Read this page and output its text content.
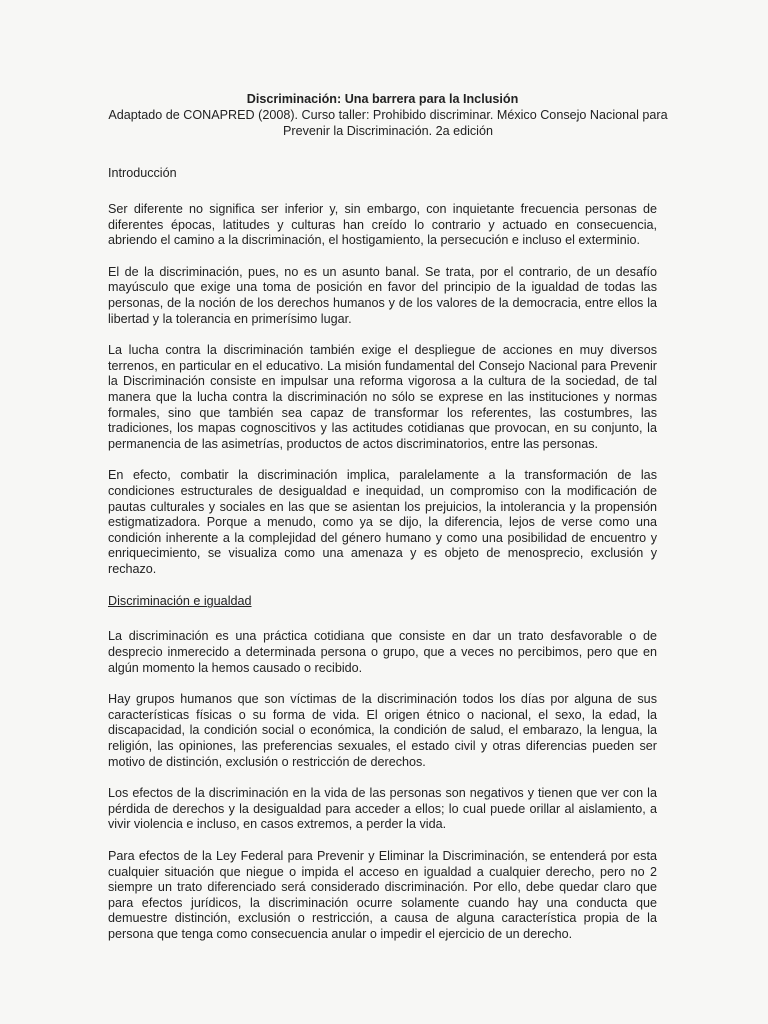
Discriminación: Una barrera para la Inclusión
Adaptado de CONAPRED (2008). Curso taller: Prohibido discriminar. México Consejo Nacional para Prevenir la Discriminación. 2a edición

Introducción

Ser diferente no significa ser inferior y, sin embargo, con inquietante frecuencia personas de diferentes épocas, latitudes y culturas han creído lo contrario y actuado en consecuencia, abriendo el camino a la discriminación, el hostigamiento, la persecución e incluso el exterminio.

El de la discriminación, pues, no es un asunto banal. Se trata, por el contrario, de un desafío mayúsculo que exige una toma de posición en favor del principio de la igualdad de todas las personas, de la noción de los derechos humanos y de los valores de la democracia, entre ellos la libertad y la tolerancia en primerísimo lugar.

La lucha contra la discriminación también exige el despliegue de acciones en muy diversos terrenos, en particular en el educativo. La misión fundamental del Consejo Nacional para Prevenir la Discriminación consiste en impulsar una reforma vigorosa a la cultura de la sociedad, de tal manera que la lucha contra la discriminación no sólo se exprese en las instituciones y normas formales, sino que también sea capaz de transformar los referentes, las costumbres, las tradiciones, los mapas cognoscitivos y las actitudes cotidianas que provocan, en su conjunto, la permanencia de las asimetrías, productos de actos discriminatorios, entre las personas.

En efecto, combatir la discriminación implica, paralelamente a la transformación de las condiciones estructurales de desigualdad e inequidad, un compromiso con la modificación de pautas culturales y sociales en las que se asientan los prejuicios, la intolerancia y la propensión estigmatizadora. Porque a menudo, como ya se dijo, la diferencia, lejos de verse como una condición inherente a la complejidad del género humano y como una posibilidad de encuentro y enriquecimiento, se visualiza como una amenaza y es objeto de menosprecio, exclusión y rechazo.

Discriminación e igualdad

La discriminación es una práctica cotidiana que consiste en dar un trato desfavorable o de desprecio inmerecido a determinada persona o grupo, que a veces no percibimos, pero que en algún momento la hemos causado o recibido.

Hay grupos humanos que son víctimas de la discriminación todos los días por alguna de sus características físicas o su forma de vida. El origen étnico o nacional, el sexo, la edad, la discapacidad, la condición social o económica, la condición de salud, el embarazo, la lengua, la religión, las opiniones, las preferencias sexuales, el estado civil y otras diferencias pueden ser motivo de distinción, exclusión o restricción de derechos.

Los efectos de la discriminación en la vida de las personas son negativos y tienen que ver con la pérdida de derechos y la desigualdad para acceder a ellos; lo cual puede orillar al aislamiento, a vivir violencia e incluso, en casos extremos, a perder la vida.

Para efectos de la Ley Federal para Prevenir y Eliminar la Discriminación, se entenderá por esta cualquier situación que niegue o impida el acceso en igualdad a cualquier derecho, pero no 2 siempre un trato diferenciado será considerado discriminación. Por ello, debe quedar claro que para efectos jurídicos, la discriminación ocurre solamente cuando hay una conducta que demuestre distinción, exclusión o restricción, a causa de alguna característica propia de la persona que tenga como consecuencia anular o impedir el ejercicio de un derecho.
